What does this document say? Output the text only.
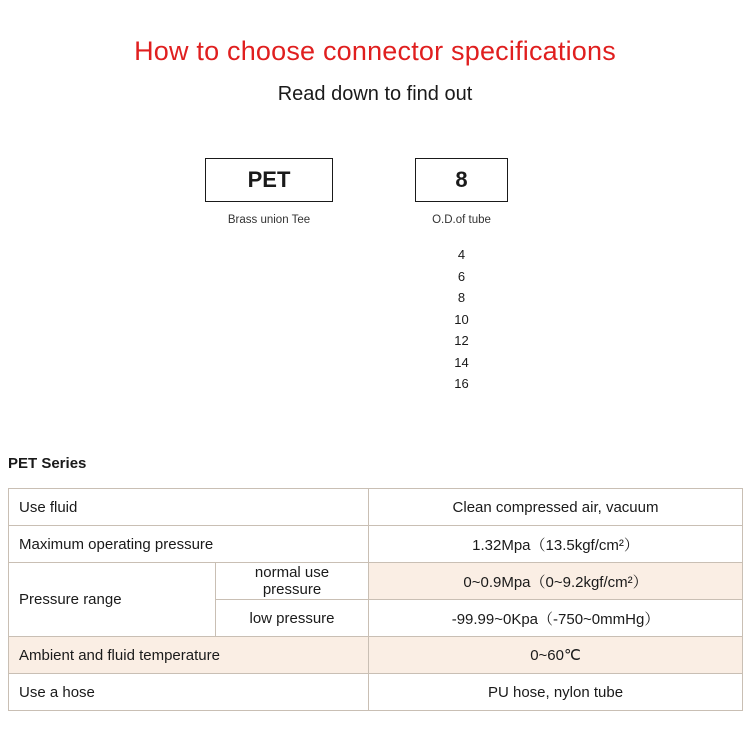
How to choose connector specifications
Read down to find out
PET
Brass union Tee
8
O.D.of tube
4
6
8
10
12
14
16
PET Series
Use fluid		Clean compressed air, vacuum
Maximum operating pressure		1.32Mpa（13.5kgf/cm²）
Pressure range	normal use pressure	0~0.9Mpa（0~9.2kgf/cm²）
	low pressure	-99.99~0Kpa（-750~0mmHg）
Ambient and fluid temperature		0~60℃
Use a hose		PU hose, nylon tube
